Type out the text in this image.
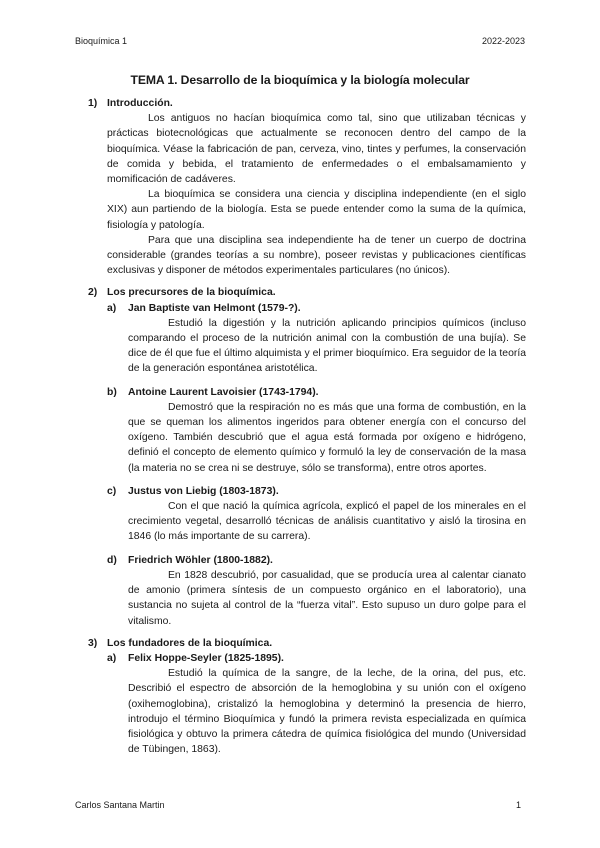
Bioquímica 1	2022-2023
TEMA 1. Desarrollo de la bioquímica y la biología molecular
1) Introducción.

Los antiguos no hacían bioquímica como tal, sino que utilizaban técnicas y prácticas biotecnológicas que actualmente se reconocen dentro del campo de la bioquímica. Véase la fabricación de pan, cerveza, vino, tintes y perfumes, la conservación de comida y bebida, el tratamiento de enfermedades o el embalsamamiento y momificación de cadáveres.

La bioquímica se considera una ciencia y disciplina independiente (en el siglo XIX) aun partiendo de la biología. Esta se puede entender como la suma de la química, fisiología y patología.

Para que una disciplina sea independiente ha de tener un cuerpo de doctrina considerable (grandes teorías a su nombre), poseer revistas y publicaciones científicas exclusivas y disponer de métodos experimentales particulares (no únicos).

2) Los precursores de la bioquímica.
a)	Jan Baptiste van Helmont (1579-?).

Estudió la digestión y la nutrición aplicando principios químicos (incluso comparando el proceso de la nutrición animal con la combustión de una bujía). Se dice de él que fue el último alquimista y el primer bioquímico. Era seguidor de la teoría de la generación espontánea aristotélica.

b)	Antoine Laurent Lavoisier (1743-1794).

Demostró que la respiración no es más que una forma de combustión, en la que se queman los alimentos ingeridos para obtener energía con el concurso del oxígeno. También descubrió que el agua está formada por oxígeno e hidrógeno, definió el concepto de elemento químico y formuló la ley de conservación de la masa (la materia no se crea ni se destruye, sólo se transforma), entre otros aportes.

c)	Justus von Liebig (1803-1873).

Con el que nació la química agrícola, explicó el papel de los minerales en el crecimiento vegetal, desarrolló técnicas de análisis cuantitativo y aisló la tirosina en 1846 (lo más importante de su carrera).

d)	Friedrich Wöhler (1800-1882).

En 1828 descubrió, por casualidad, que se producía urea al calentar cianato de amonio (primera síntesis de un compuesto orgánico en el laboratorio), una sustancia no sujeta al control de la “fuerza vital”. Esto supuso un duro golpe para el vitalismo.

3) Los fundadores de la bioquímica.
a)	Felix Hoppe-Seyler (1825-1895).

Estudió la química de la sangre, de la leche, de la orina, del pus, etc. Describió el espectro de absorción de la hemoglobina y su unión con el oxígeno (oxihemoglobina), cristalizó la hemoglobina y determinó la presencia de hierro, introdujo el término Bioquímica y fundó la primera revista especializada en química fisiológica y obtuvo la primera cátedra de química fisiológica del mundo (Universidad de Tübingen, 1863).

Carlos Santana Martin	1
